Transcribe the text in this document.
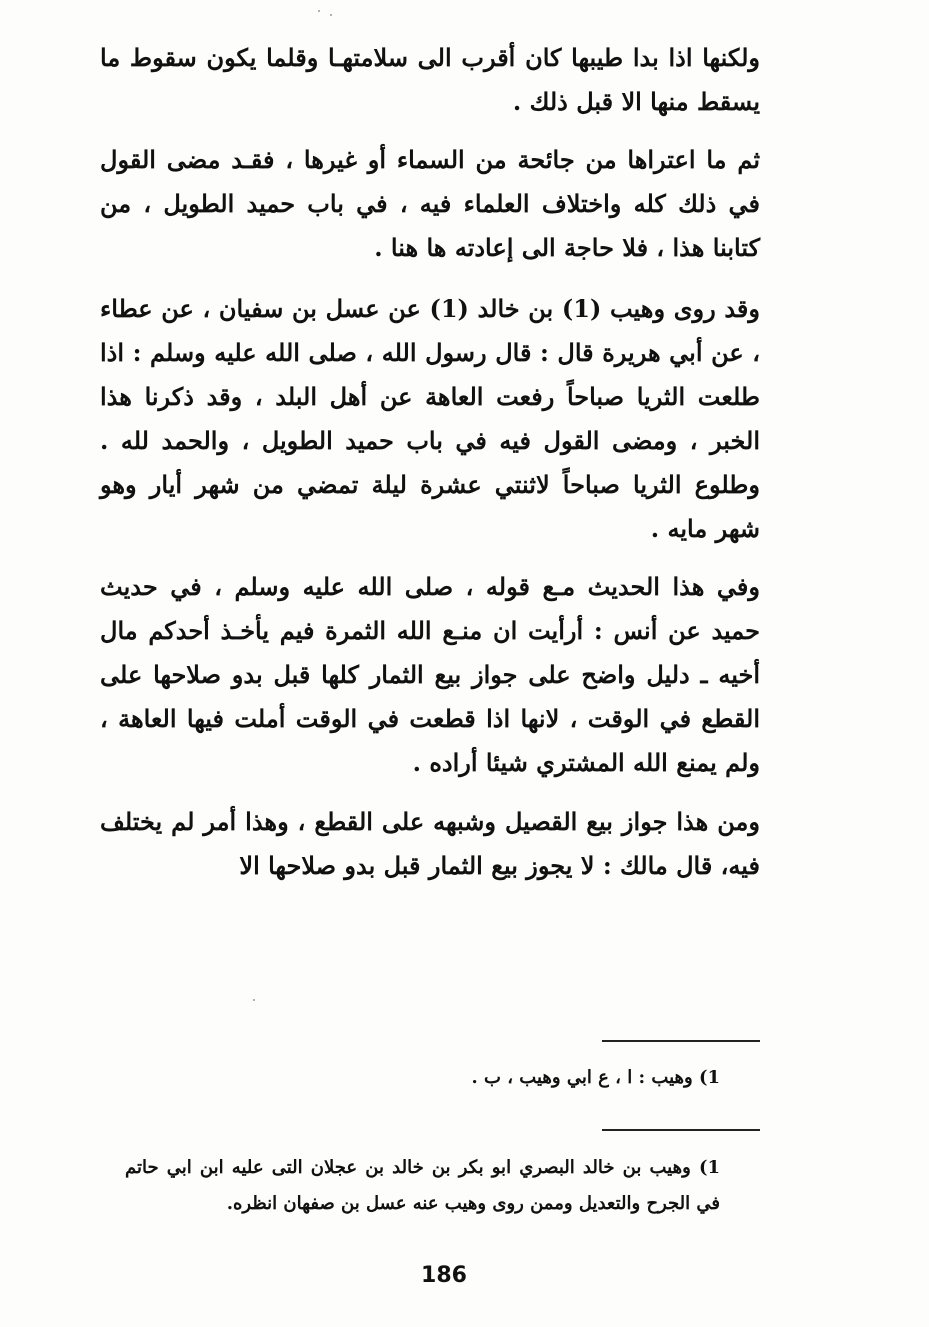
ولكنها اذا بدا طيبها كان أقرب الى سلامتهـا وقلما يكون سقوط ما يسقط منها الا قبل ذلك .

ثم ما اعتراها من جائحة من السماء أو غيرها ، فقـد مضى القول في ذلك كله واختلاف العلماء فيه ، في باب حميد الطويل ، من كتابنا هذا ، فلا حاجة الى إعادته ها هنا .

وقد روى وهيب (1) بن خالد (1) عن عسل بن سفيان ، عن عطاء ، عن أبي هريرة قال : قال رسول الله ، صلى الله عليه وسلم : اذا طلعت الثريا صباحاً رفعت العاهة عن أهل البلد ، وقد ذكرنا هذا الخبر ، ومضى القول فيه في باب حميد الطويل ، والحمد لله . وطلوع الثريا صباحاً لاثنتي عشرة ليلة تمضي من شهر أيار وهو شهر مايه .

وفي هذا الحديث مـع قوله ، صلى الله عليه وسلم ، في حديث حميد عن أنس : أرأيت ان منـع الله الثمرة فيم يأخـذ أحدكم مال أخيه ـ دليل واضح على جواز بيع الثمار كلها قبل بدو صلاحها على القطع في الوقت ، لانها اذا قطعت في الوقت أملت فيها العاهة ، ولم يمنع الله المشتري شيئا أراده .

ومن هذا جواز بيع القصيل وشبهه على القطع ، وهذا أمر لم يختلف فيه، قال مالك : لا يجوز بيع الثمار قبل بدو صلاحها الا

1) وهيب : ا ، ع ابي وهيب ، ب .
1) وهيب بن خالد البصري ابو بكر بن خالد بن عجلان التى عليه ابن ابي حاتم في الجرح والتعديل وممن روى وهيب عنه عسل بن صفهان انظره.
186
